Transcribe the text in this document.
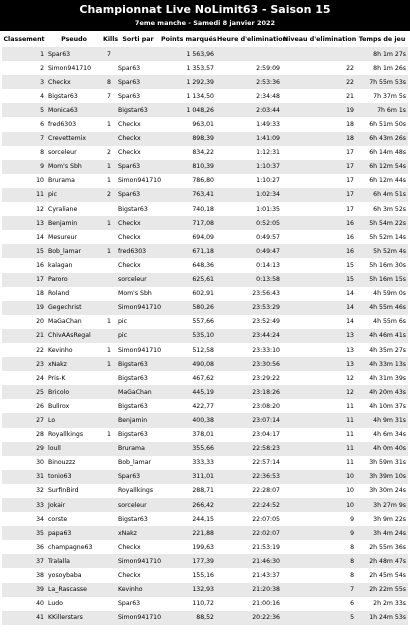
Championnat Live NoLimit63 - Saison 15
7eme manche - Samedi 8 janvier 2022
Classement	Pseudo	Kills	Sorti par	Points marqués	Heure d'elimination	Niveau d'elimination	Temps de jeu
1	Spar63	7		1 563,96			8h 1m 27s
2	Simon941710		Spar63	1 353,57	2:59:09	22	8h 1m 26s
3	Checkx	8	Spar63	1 292,39	2:53:36	22	7h 55m 53s
4	Bigstar63	7	Spar63	1 134,50	2:34:48	21	7h 37m 5s
5	Monica63		Bigstar63	1 048,26	2:03:44	19	7h 6m 1s
6	fred6303	1	Checkx	963,01	1:49:33	18	6h 51m 50s
7	Crevettemix		Checkx	898,39	1:41:09	18	6h 43m 26s
8	sorceleur	2	Checkx	834,22	1:12:31	17	6h 14m 48s
9	Mom's Sbh	1	Spar63	810,39	1:10:37	17	6h 12m 54s
10	Brurama	1	Simon941710	786,80	1:10:27	17	6h 12m 44s
11	pic	2	Spar63	763,41	1:02:34	17	6h 4m 51s
12	Cyraliane		Bigstar63	740,18	1:01:35	17	6h 3m 52s
13	Benjamin	1	Checkx	717,08	0:52:05	16	5h 54m 22s
14	Mesureur		Checkx	694,09	0:49:57	16	5h 52m 14s
15	Bob_lamar	1	fred6303	671,18	0:49:47	16	5h 52m 4s
16	kalagan		Checkx	648,36	0:14:13	15	5h 16m 30s
17	Paroro		sorceleur	625,61	0:13:58	15	5h 16m 15s
18	Roland		Mom's Sbh	602,91	23:56:43	14	4h 59m 0s
19	Gegechrist		Simon941710	580,26	23:53:29	14	4h 55m 46s
20	MaGaChan	1	pic	557,66	23:52:49	14	4h 55m 6s
21	ChivAAsRegal		pic	535,10	23:44:24	13	4h 46m 41s
22	Kevinho	1	Simon941710	512,58	23:33:10	13	4h 35m 27s
23	xNakz	1	Bigstar63	490,08	23:30:56	13	4h 33m 13s
24	Pris-K		Bigstar63	467,62	23:29:22	12	4h 31m 39s
25	Bricolo		MaGaChan	445,19	23:18:26	12	4h 20m 43s
26	Bullrox		Bigstar63	422,77	23:08:20	11	4h 10m 37s
27	Lo		Benjamin	400,38	23:07:14	11	4h 9m 31s
28	Royallkings	1	Bigstar63	378,01	23:04:17	11	4h 6m 34s
29	loull		Brurama	355,66	22:58:23	11	4h 0m 40s
30	Binouzzz		Bob_lamar	333,33	22:57:14	11	3h 59m 31s
31	tonio63		Spar63	311,01	22:36:53	10	3h 39m 10s
32	SurfinBird		Royallkings	288,71	22:28:07	10	3h 30m 24s
33	Jokair		sorceleur	266,42	22:24:52	10	3h 27m 9s
34	corste		Bigstar63	244,15	22:07:05	9	3h 9m 22s
35	papa63		xNakz	221,88	22:02:07	9	3h 4m 24s
36	champagne63		Checkx	199,63	21:53:19	8	2h 55m 36s
37	Tralalla		Simon941710	177,39	21:46:30	8	2h 48m 47s
38	yosoybaba		Checkx	155,16	21:43:37	8	2h 45m 54s
39	La_Rascasse		Kevinho	132,93	21:20:38	7	2h 22m 55s
40	Ludo		Spar63	110,72	21:00:16	6	2h 2m 33s
41	KKillerstars		Simon941710	88,52	20:22:36	5	1h 24m 53s
